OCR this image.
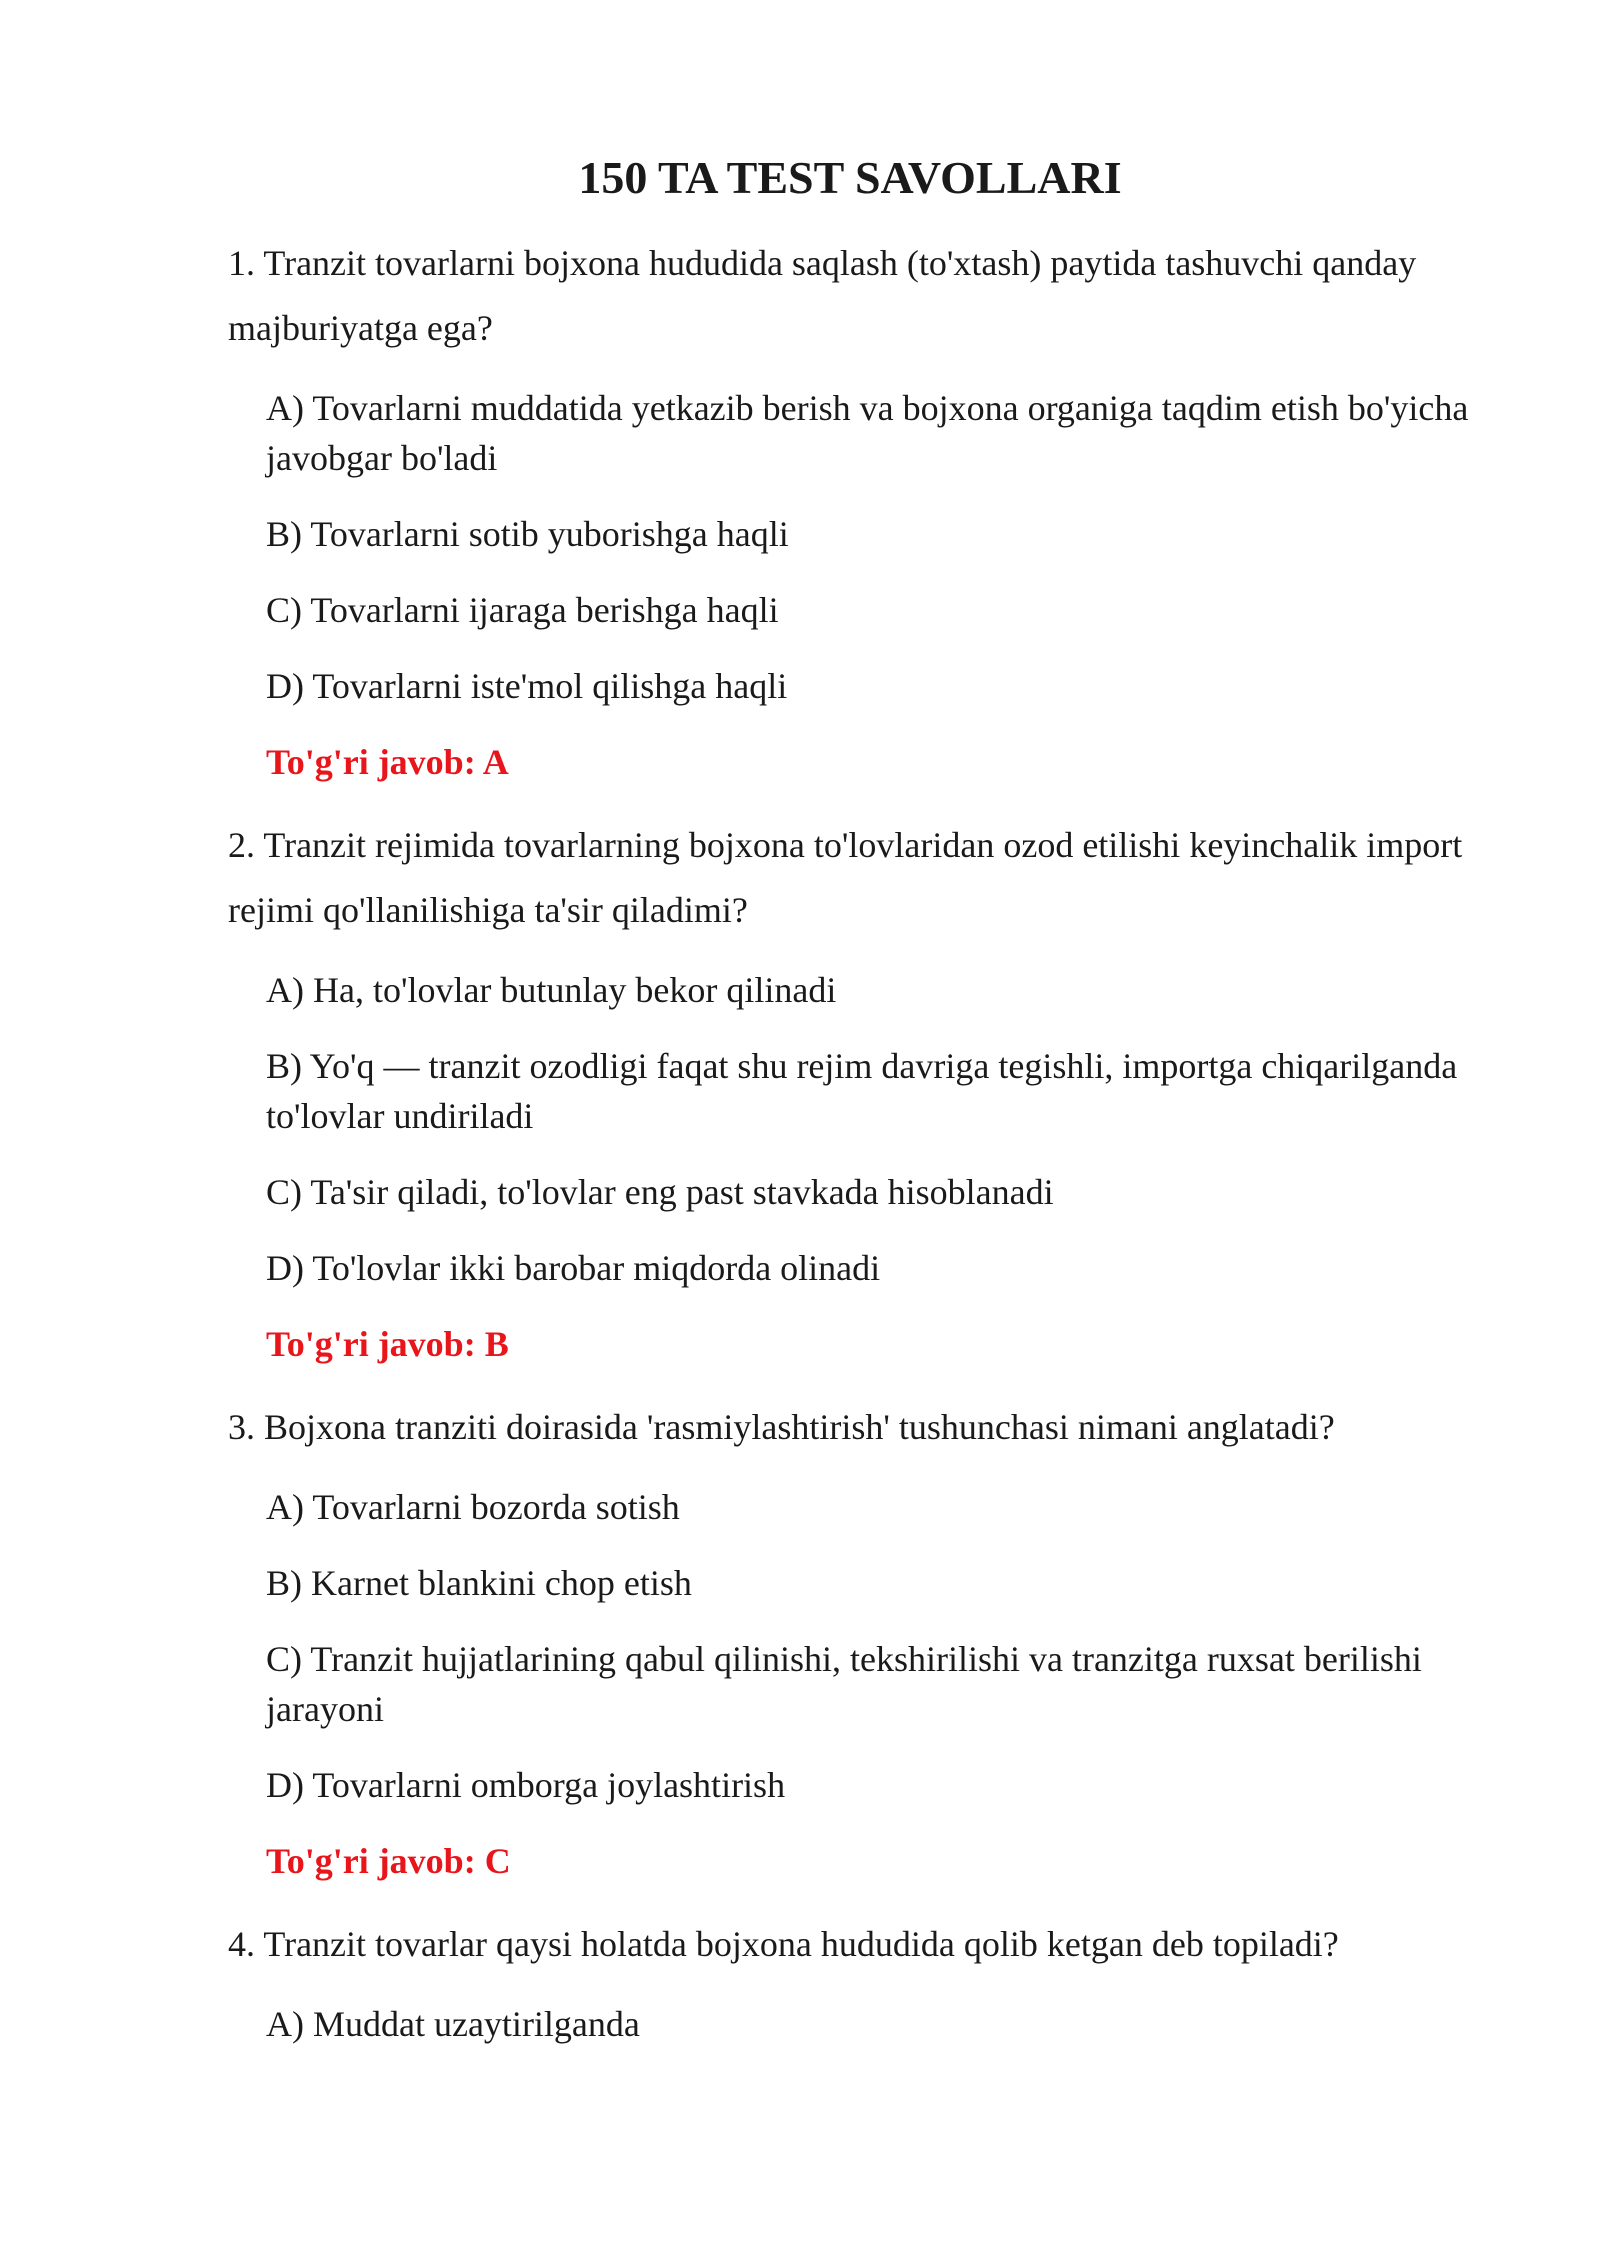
150 TA TEST SAVOLLARI

1. Tranzit tovarlarni bojxona hududida saqlash (to'xtash) paytida tashuvchi qanday majburiyatga ega?

A) Tovarlarni muddatida yetkazib berish va bojxona organiga taqdim etish bo'yicha javobgar bo'ladi
B) Tovarlarni sotib yuborishga haqli
C) Tovarlarni ijaraga berishga haqli
D) Tovarlarni iste'mol qilishga haqli

To'g'ri javob: A

2. Tranzit rejimida tovarlarning bojxona to'lovlaridan ozod etilishi keyinchalik import rejimi qo'llanilishiga ta'sir qiladimi?

A) Ha, to'lovlar butunlay bekor qilinadi
B) Yo'q — tranzit ozodligi faqat shu rejim davriga tegishli, importga chiqarilganda to'lovlar undiriladi
C) Ta'sir qiladi, to'lovlar eng past stavkada hisoblanadi
D) To'lovlar ikki barobar miqdorda olinadi

To'g'ri javob: B

3. Bojxona tranziti doirasida 'rasmiylashtirish' tushunchasi nimani anglatadi?

A) Tovarlarni bozorda sotish
B) Karnet blankini chop etish
C) Tranzit hujjatlarining qabul qilinishi, tekshirilishi va tranzitga ruxsat berilishi jarayoni
D) Tovarlarni omborga joylashtirish

To'g'ri javob: C

4. Tranzit tovarlar qaysi holatda bojxona hududida qolib ketgan deb topiladi?

A) Muddat uzaytirilganda
